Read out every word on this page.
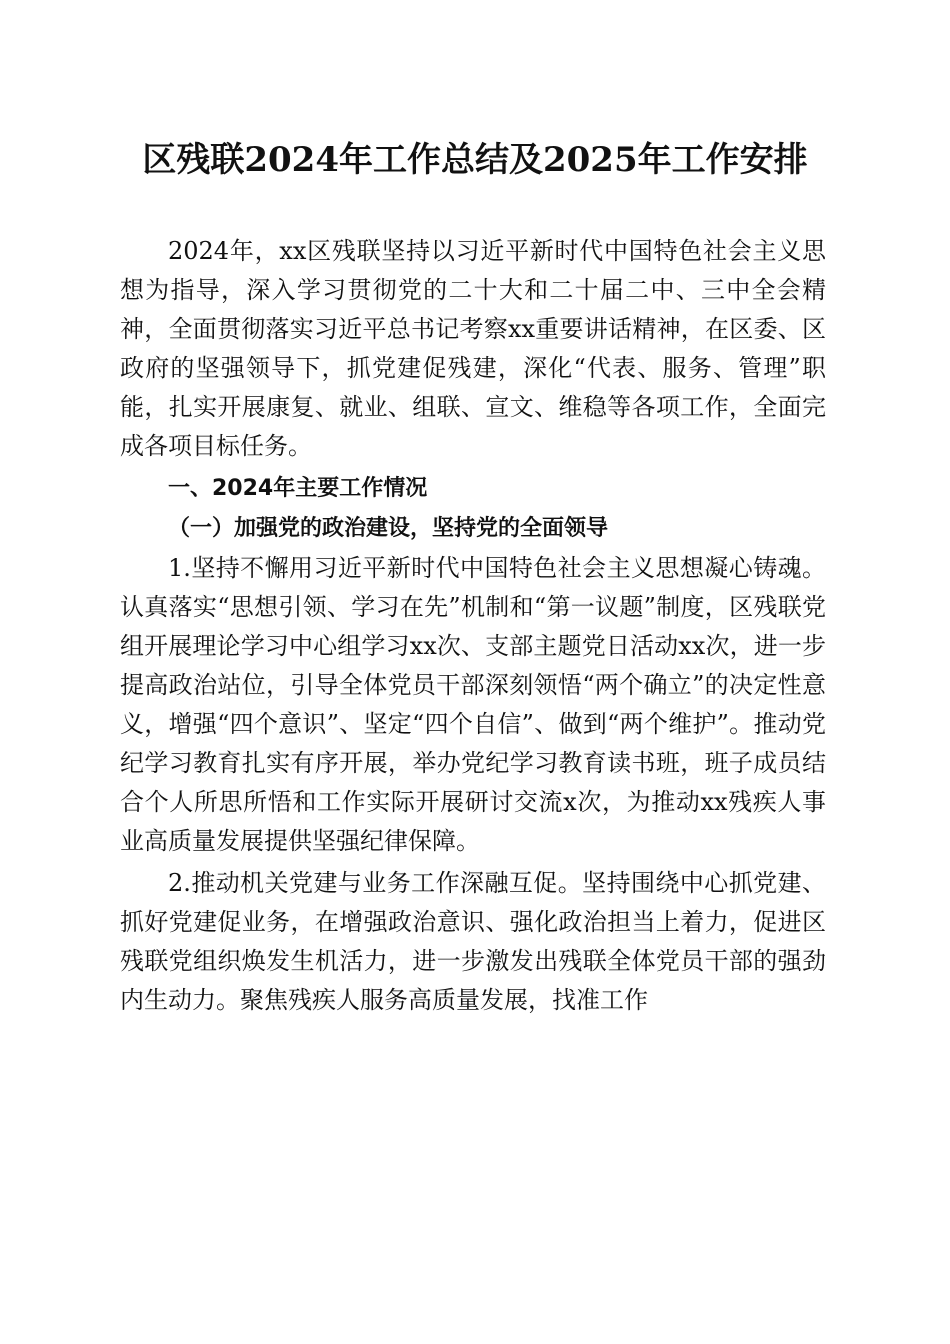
区残联2024年工作总结及2025年工作安排

2024年，xx区残联坚持以习近平新时代中国特色社会主义思想为指导，深入学习贯彻党的二十大和二十届二中、三中全会精神，全面贯彻落实习近平总书记考察xx重要讲话精神，在区委、区政府的坚强领导下，抓党建促残建，深化“代表、服务、管理”职能，扎实开展康复、就业、组联、宣文、维稳等各项工作，全面完成各项目标任务。

一、2024年主要工作情况

（一）加强党的政治建设，坚持党的全面领导

1.坚持不懈用习近平新时代中国特色社会主义思想凝心铸魂。认真落实“思想引领、学习在先”机制和“第一议题”制度，区残联党组开展理论学习中心组学习xx次、支部主题党日活动xx次，进一步提高政治站位，引导全体党员干部深刻领悟“两个确立”的决定性意义，增强“四个意识”、坚定“四个自信”、做到“两个维护”。推动党纪学习教育扎实有序开展，举办党纪学习教育读书班，班子成员结合个人所思所悟和工作实际开展研讨交流x次，为推动xx残疾人事业高质量发展提供坚强纪律保障。

2.推动机关党建与业务工作深融互促。坚持围绕中心抓党建、抓好党建促业务，在增强政治意识、强化政治担当上着力，促进区残联党组织焕发生机活力，进一步激发出残联全体党员干部的强劲内生动力。聚焦残疾人服务高质量发展，找准工作
